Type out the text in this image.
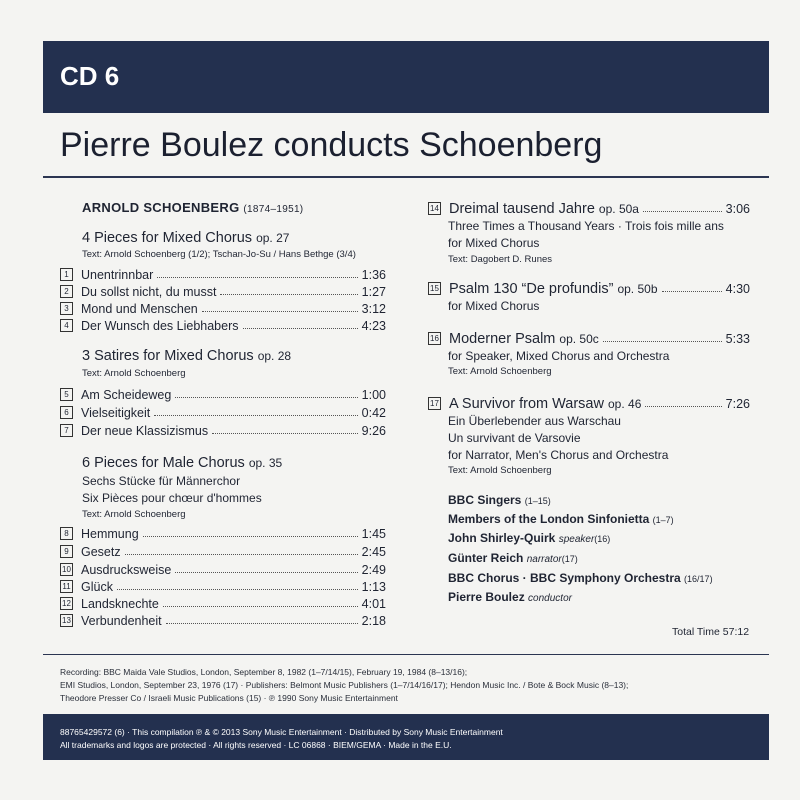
CD 6
Pierre Boulez conducts Schoenberg
ARNOLD SCHOENBERG (1874–1951)
4 Pieces for Mixed Chorus op. 27
Text: Arnold Schoenberg (1/2); Tschan-Jo-Su / Hans Bethge (3/4)
1 Unentrinnbar	1:36
2 Du sollst nicht, du musst	1:27
3 Mond und Menschen	3:12
4 Der Wunsch des Liebhabers	4:23
3 Satires for Mixed Chorus op. 28
Text: Arnold Schoenberg
5 Am Scheideweg	1:00
6 Vielseitigkeit	0:42
7 Der neue Klassizismus	9:26
6 Pieces for Male Chorus op. 35
Sechs Stücke für Männerchor
Six Pièces pour chœur d'hommes
Text: Arnold Schoenberg
8 Hemmung	1:45
9 Gesetz	2:45
10 Ausdrucksweise	2:49
11 Glück	1:13
12 Landsknechte	4:01
13 Verbundenheit	2:18
14 Dreimal tausend Jahre op. 50a	3:06
Three Times a Thousand Years · Trois fois mille ans
for Mixed Chorus
Text: Dagobert D. Runes
15 Psalm 130 “De profundis” op. 50b	4:30
for Mixed Chorus
16 Moderner Psalm op. 50c	5:33
for Speaker, Mixed Chorus and Orchestra
Text: Arnold Schoenberg
17 A Survivor from Warsaw op. 46	7:26
Ein Überlebender aus Warschau
Un survivant de Varsovie
for Narrator, Men's Chorus and Orchestra
Text: Arnold Schoenberg
BBC Singers (1–15)
Members of the London Sinfonietta (1–7)
John Shirley-Quirk speaker(16)
Günter Reich narrator(17)
BBC Chorus · BBC Symphony Orchestra (16/17)
Pierre Boulez conductor
Total Time 57:12
Recording: BBC Maida Vale Studios, London, September 8, 1982 (1–7/14/15), February 19, 1984 (8–13/16);
EMI Studios, London, September 23, 1976 (17) · Publishers: Belmont Music Publishers (1–7/14/16/17); Hendon Music Inc. / Bote & Bock Music (8–13);
Theodore Presser Co / Israeli Music Publications (15) · ℗ 1990 Sony Music Entertainment
88765429572 (6) · This compilation ℗ & © 2013 Sony Music Entertainment · Distributed by Sony Music Entertainment
All trademarks and logos are protected · All rights reserved · LC 06868 · BIEM/GEMA · Made in the E.U.
